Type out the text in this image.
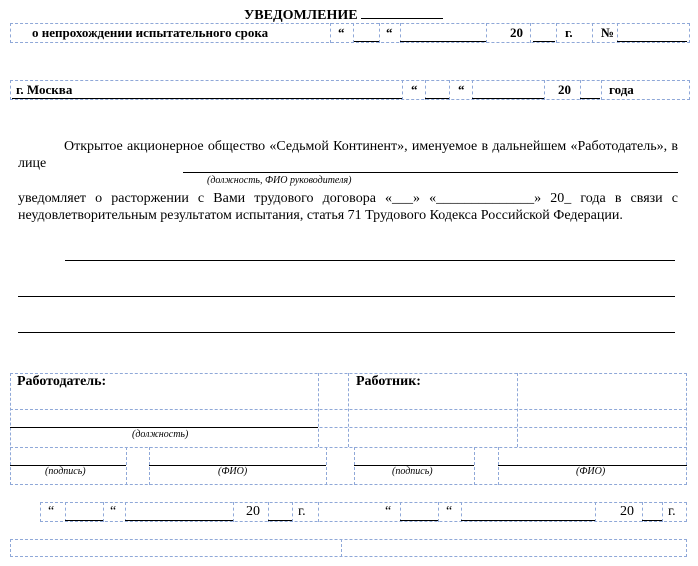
УВЕДОМЛЕНИЕ
о непрохождении испытательного срока	“	“	20	г. №
г. Москва	“	“	20	года
Открытое акционерное общество «Седьмой Континент», именуемое в дальнейшем «Работодатель», в лице
(должность, ФИО руководителя)
уведомляет о расторжении с Вами трудового договора «___» «______________» 20_ года в связи с неудовлетворительным результатом испытания, статья 71 Трудового Кодекса Российской Федерации.
Работодатель:	Работник:
(должность)
(подпись)	(ФИО)	(подпись)	(ФИО)
“	“	20	г.	“	“	20 г.
